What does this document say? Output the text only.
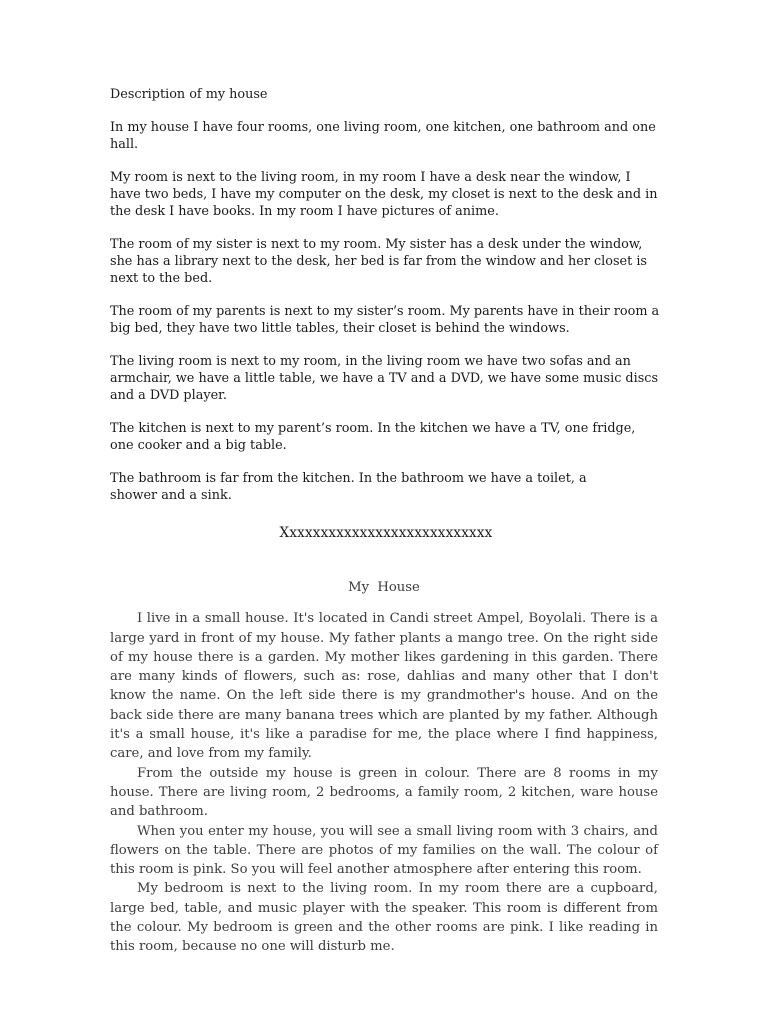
Description of my house

In my house I have four rooms, one living room, one kitchen, one bathroom and one hall.

My room is next to the living room, in my room I have a desk near the window, I have two beds, I have my computer on the desk, my closet is next to the desk and in the desk I have books. In my room I have pictures of anime.

The room of my sister is next to my room. My sister has a desk under the window, she has a library next to the desk, her bed is far from the window and her closet is next to the bed.

The room of my parents is next to my sister’s room. My parents have in their room a big bed, they have two little tables, their closet is behind the windows.

The living room is next to my room, in the living room we have two sofas and an armchair, we have a little table, we have a TV and a DVD, we have some music discs and a DVD player.

The kitchen is next to my parent’s room. In the kitchen we have a TV, one fridge, one cooker and a big table.

The bathroom is far from the kitchen. In the bathroom we have a toilet, a shower and a sink.

Xxxxxxxxxxxxxxxxxxxxxxxxxxx
My House

I live in a small house. It's located in Candi street Ampel, Boyolali. There is a large yard in front of my house. My father plants a mango tree. On the right side of my house there is a garden. My mother likes gardening in this garden. There are many kinds of flowers, such as: rose, dahlias and many other that I don't know the name. On the left side there is my grandmother's house. And on the back side there are many banana trees which are planted by my father. Although it's a small house, it's like a paradise for me, the place where I find happiness, care, and love from my family.

From the outside my house is green in colour. There are 8 rooms in my house. There are living room, 2 bedrooms, a family room, 2 kitchen, ware house and bathroom.

When you enter my house, you will see a small living room with 3 chairs, and flowers on the table. There are photos of my families on the wall. The colour of this room is pink. So you will feel another atmosphere after entering this room.

My bedroom is next to the living room. In my room there are a cupboard, large bed, table, and music player with the speaker. This room is different from the colour. My bedroom is green and the other rooms are pink. I like reading in this room, because no one will disturb me.
